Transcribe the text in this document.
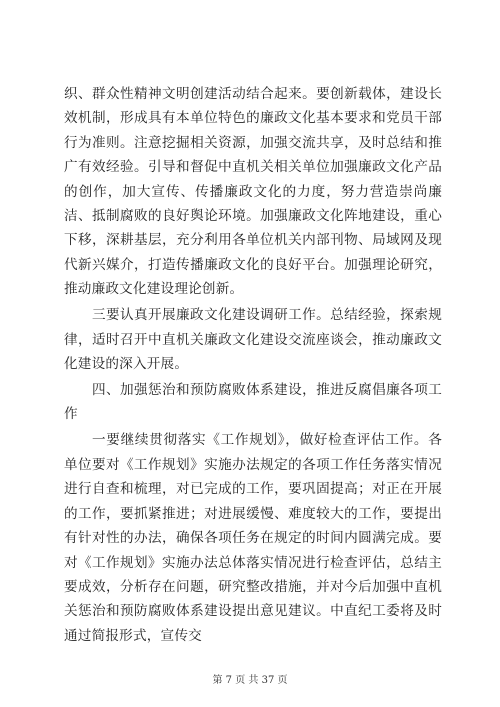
织、群众性精神文明创建活动结合起来。要创新载体，建设长效机制，形成具有本单位特色的廉政文化基本要求和党员干部行为准则。注意挖掘相关资源，加强交流共享，及时总结和推广有效经验。引导和督促中直机关相关单位加强廉政文化产品的创作，加大宣传、传播廉政文化的力度，努力营造崇尚廉洁、抵制腐败的良好舆论环境。加强廉政文化阵地建设，重心下移，深耕基层，充分利用各单位机关内部刊物、局域网及现代新兴媒介，打造传播廉政文化的良好平台。加强理论研究，推动廉政文化建设理论创新。

三要认真开展廉政文化建设调研工作。总结经验，探索规律，适时召开中直机关廉政文化建设交流座谈会，推动廉政文化建设的深入开展。

四、加强惩治和预防腐败体系建设，推进反腐倡廉各项工作

一要继续贯彻落实《工作规划》，做好检查评估工作。各单位要对《工作规划》实施办法规定的各项工作任务落实情况进行自查和梳理，对已完成的工作，要巩固提高；对正在开展的工作，要抓紧推进；对进展缓慢、难度较大的工作，要提出有针对性的办法，确保各项任务在规定的时间内圆满完成。要对《工作规划》实施办法总体落实情况进行检查评估，总结主要成效，分析存在问题，研究整改措施，并对今后加强中直机关惩治和预防腐败体系建设提出意见建议。中直纪工委将及时通过简报形式，宣传交

第 7 页 共 37 页
